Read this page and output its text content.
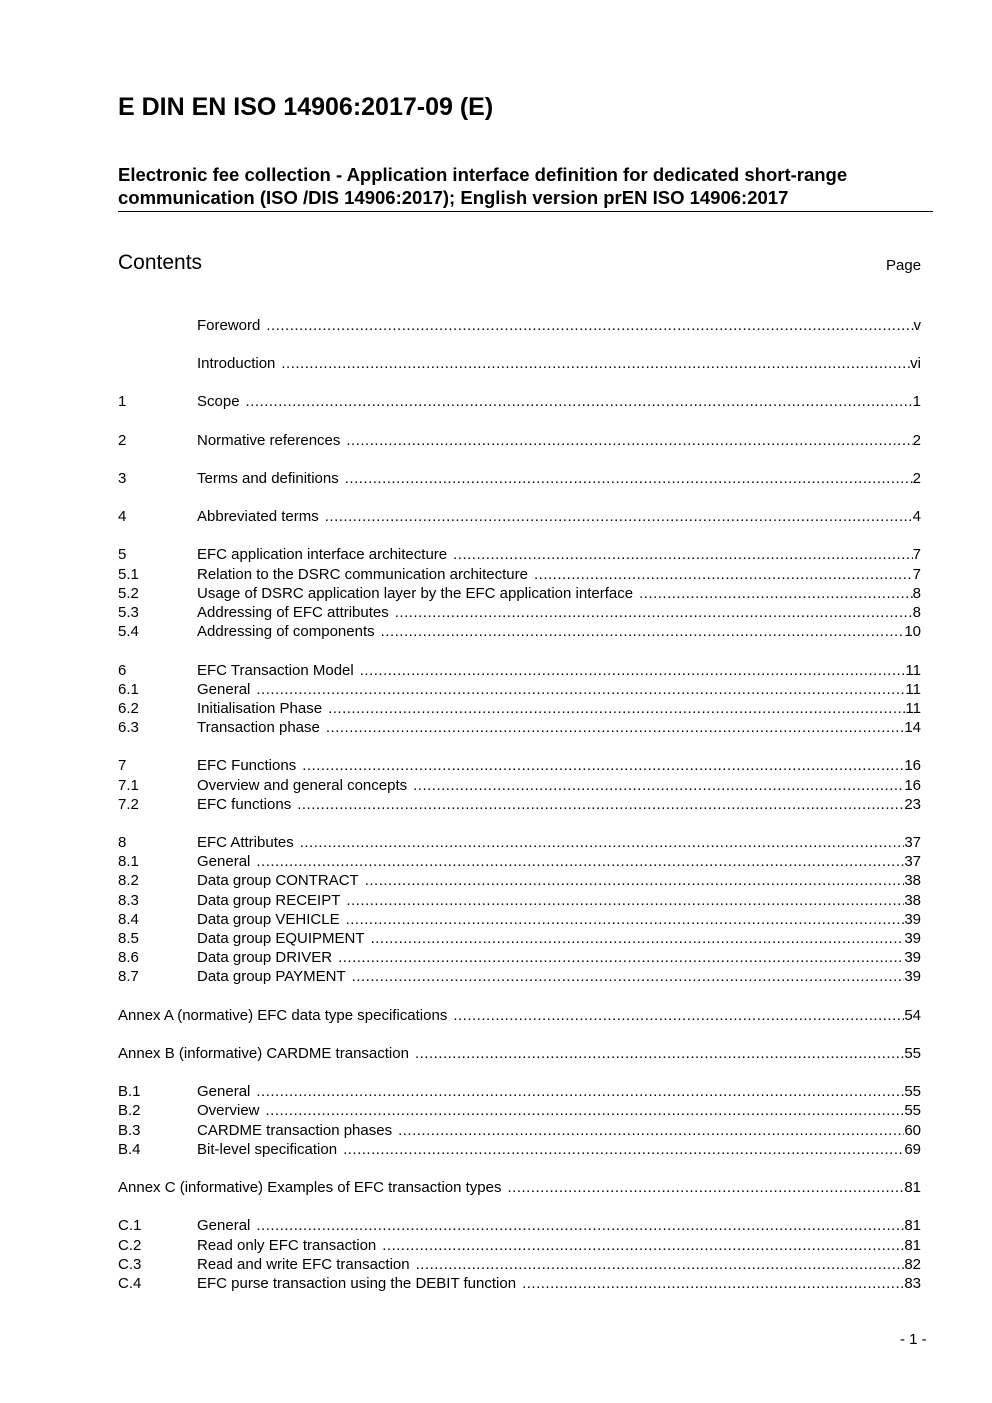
E DIN EN ISO 14906:2017-09 (E)
Electronic fee collection - Application interface definition for dedicated short-range
communication (ISO /DIS 14906:2017); English version prEN ISO 14906:2017
Contents	Page
Foreword .....	v
Introduction .....	vi
1	Scope .....	1
2	Normative references .....	2
3	Terms and definitions .....	2
4	Abbreviated terms .....	4
5	EFC application interface architecture .....	7
5.1	Relation to the DSRC communication architecture .....	7
5.2	Usage of DSRC application layer by the EFC application interface .....	8
5.3	Addressing of EFC attributes .....	8
5.4	Addressing of components .....	10
6	EFC Transaction Model .....	11
6.1	General .....	11
6.2	Initialisation Phase .....	11
6.3	Transaction phase .....	14
7	EFC Functions .....	16
7.1	Overview and general concepts .....	16
7.2	EFC functions .....	23
8	EFC Attributes .....	37
8.1	General .....	37
8.2	Data group CONTRACT .....	38
8.3	Data group RECEIPT .....	38
8.4	Data group VEHICLE .....	39
8.5	Data group EQUIPMENT .....	39
8.6	Data group DRIVER .....	39
8.7	Data group PAYMENT .....	39
Annex A (normative) EFC data type specifications .....	54
Annex B (informative) CARDME transaction .....	55
B.1	General .....	55
B.2	Overview .....	55
B.3	CARDME transaction phases .....	60
B.4	Bit-level specification .....	69
Annex C (informative) Examples of EFC transaction types .....	81
C.1	General .....	81
C.2	Read only EFC transaction .....	81
C.3	Read and write EFC transaction .....	82
C.4	EFC purse transaction using the DEBIT function .....	83
- 1 -
